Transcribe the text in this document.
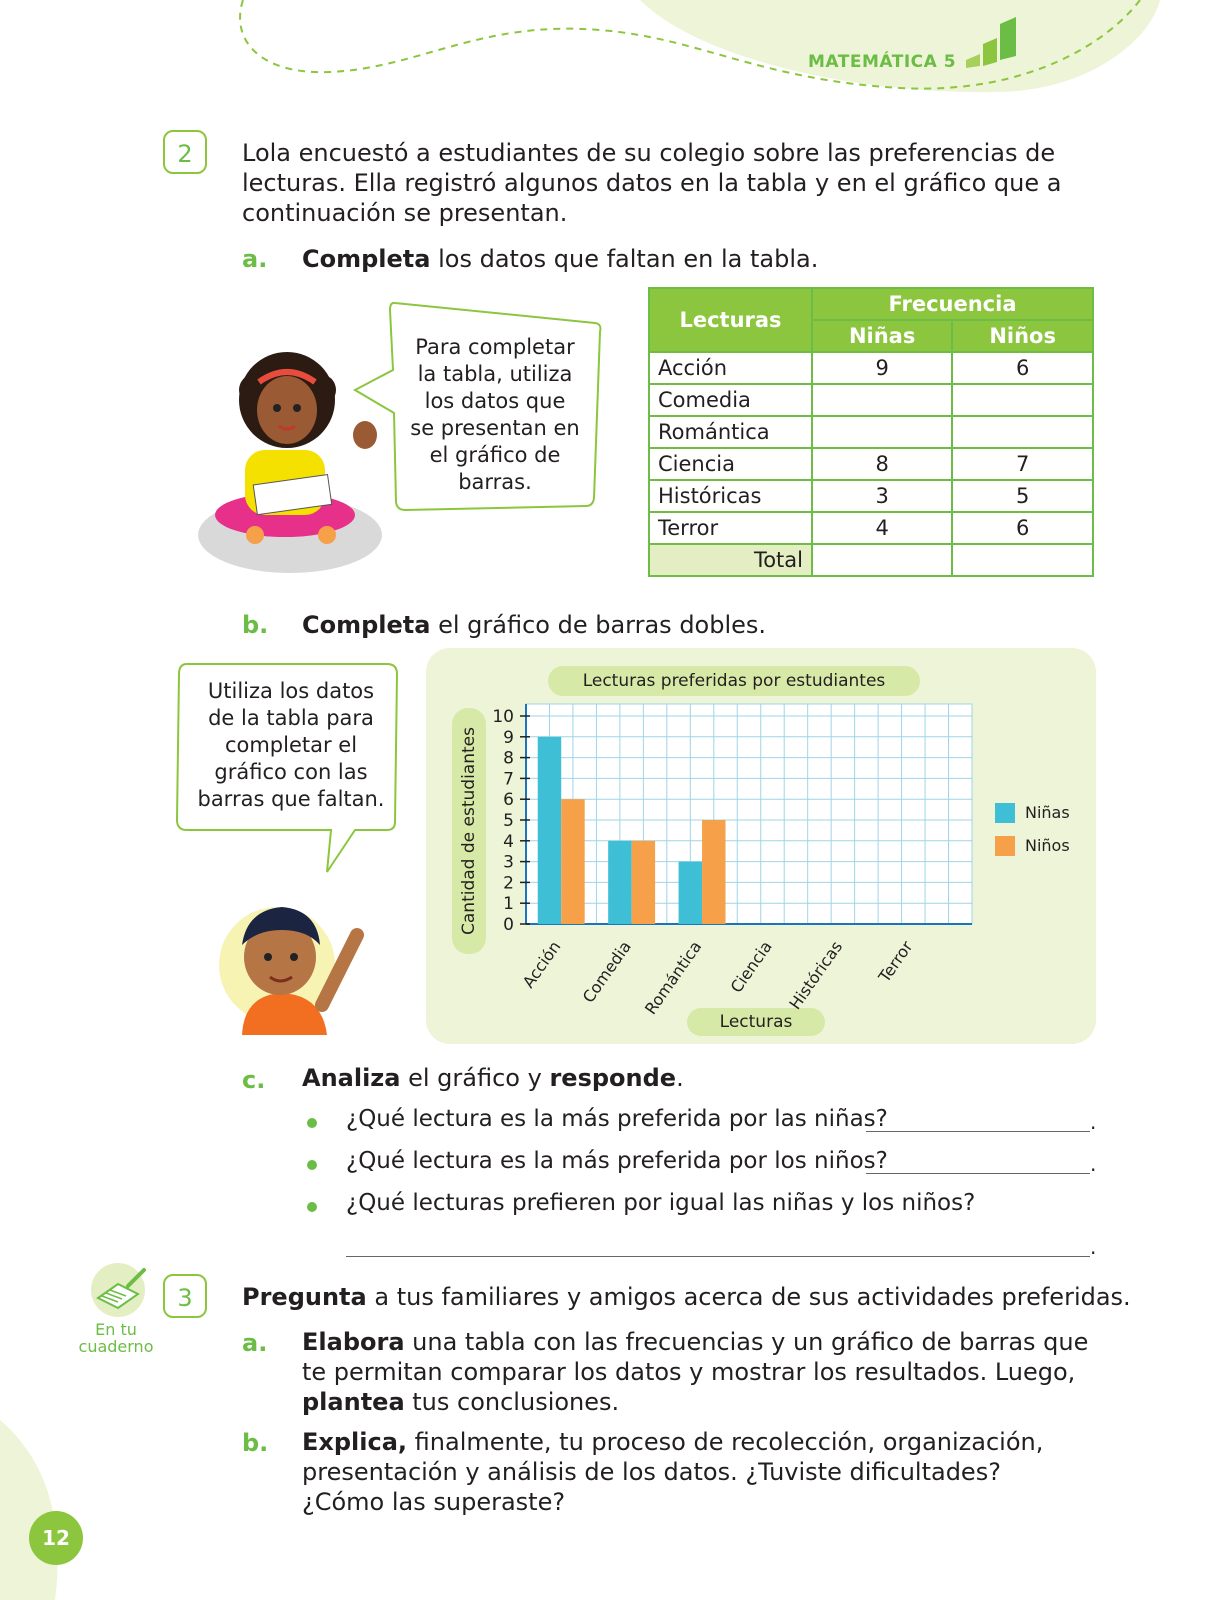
MATEMÁTICA 5
2	Lola encuestó a estudiantes de su colegio sobre las preferencias de lecturas. Ella registró algunos datos en la tabla y en el gráfico que a continuación se presentan.
a. Completa los datos que faltan en la tabla.
Para completar la tabla, utiliza los datos que se presentan en el gráfico de barras.
Lecturas	Frecuencia	
	Niñas	Niños
Acción	9	6
Comedia		
Romántica		
Ciencia	8	7
Históricas	3	5
Terror	4	6
Total		
b. Completa el gráfico de barras dobles.
Utiliza los datos de la tabla para completar el gráfico con las barras que faltan.
Lecturas preferidas por estudiantes
Cantidad de estudiantes
Lecturas
0
1
2
3
4
5
6
7
8
9
10
Acción Comedia Romántica Ciencia Históricas Terror
Niñas
Niños
c. Analiza el gráfico y responde.
¿Qué lectura es la más preferida por las niñas?	.
¿Qué lectura es la más preferida por los niños?	.
¿Qué lecturas prefieren por igual las niñas y los niños?
.
En tu cuaderno
3	Pregunta a tus familiares y amigos acerca de sus actividades preferidas.
a. Elabora una tabla con las frecuencias y un gráfico de barras que te permitan comparar los datos y mostrar los resultados. Luego, plantea tus conclusiones.
b. Explica, finalmente, tu proceso de recolección, organización, presentación y análisis de los datos. ¿Tuviste dificultades? ¿Cómo las superaste?
12
